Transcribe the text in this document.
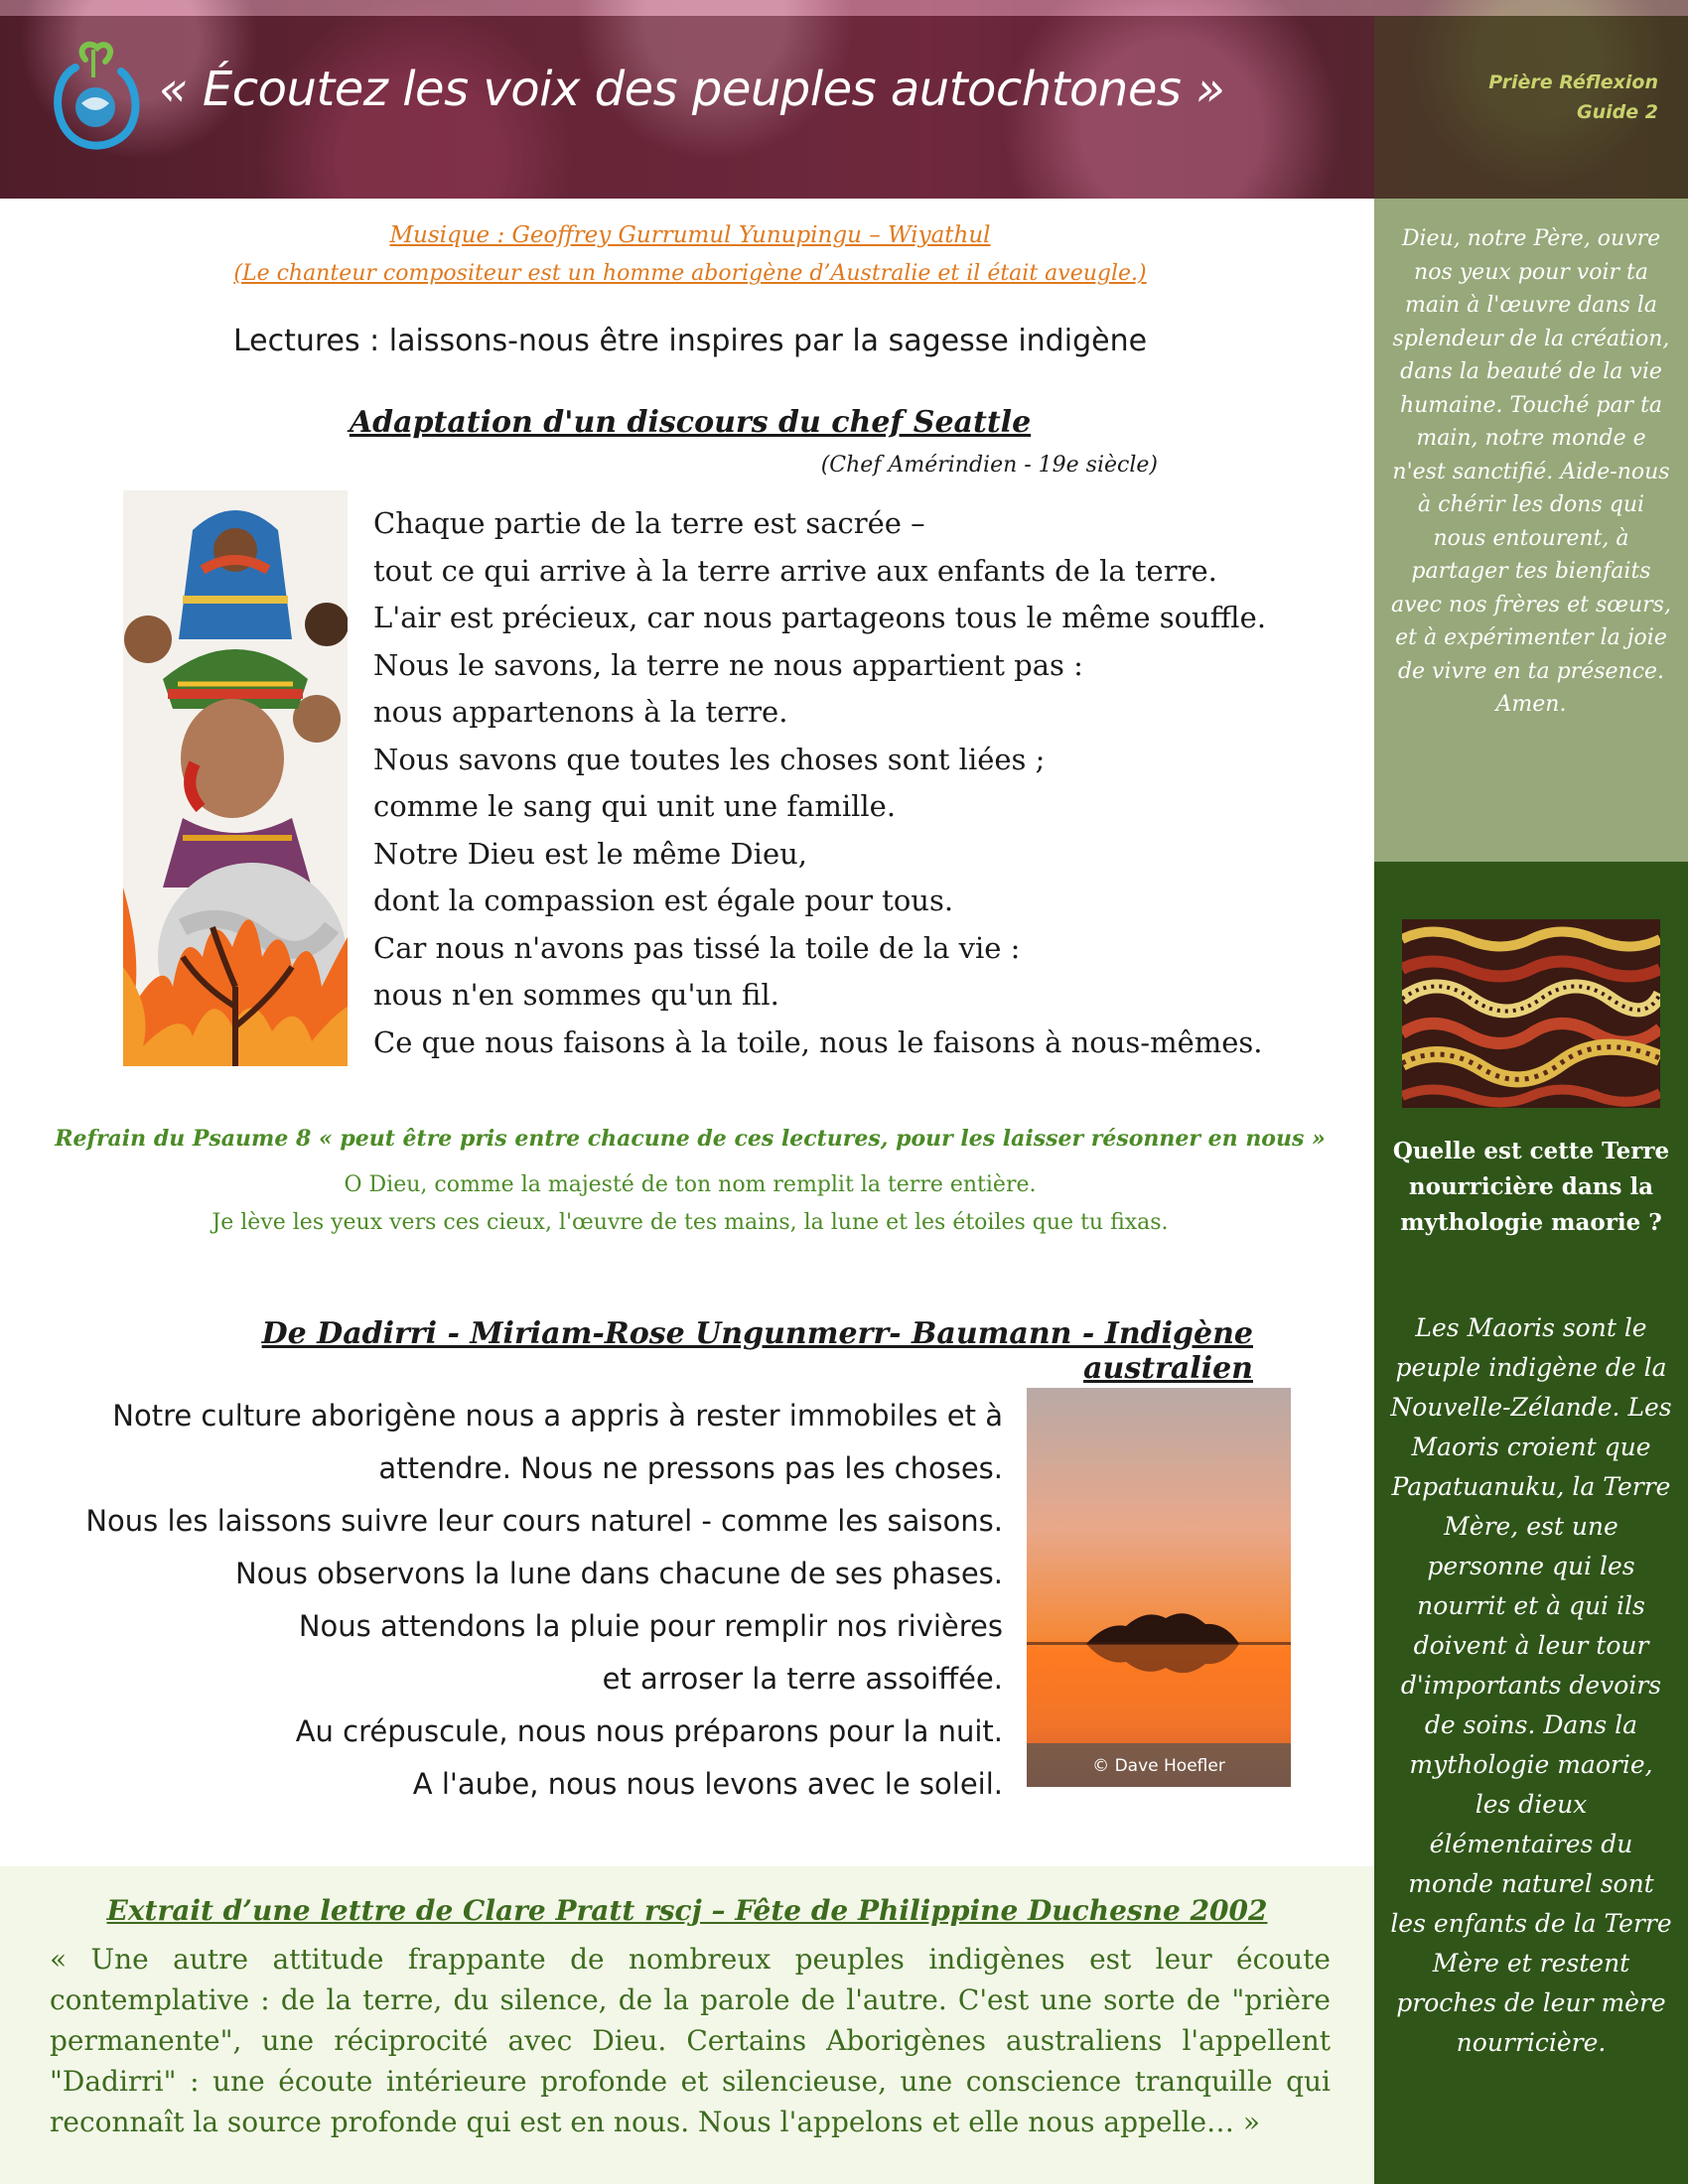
« Écoutez les voix des peuples autochtones »	Prière Réflexion
Guide 2
Dieu, notre Père, ouvre nos yeux pour voir ta main à l'œuvre dans la splendeur de la création, dans la beauté de la vie humaine. Touché par ta main, notre monde e n'est sanctifié. Aide-nous à chérir les dons qui nous entourent, à partager tes bienfaits avec nos frères et sœurs, et à expérimenter la joie de vivre en ta présence. Amen.
Quelle est cette Terre nourricière dans la mythologie maorie ?
Les Maoris sont le peuple indigène de la Nouvelle-Zélande. Les Maoris croient que Papatuanuku, la Terre Mère, est une personne qui les nourrit et à qui ils doivent à leur tour d'importants devoirs de soins. Dans la mythologie maorie, les dieux élémentaires du monde naturel sont les enfants de la Terre Mère et restent proches de leur mère nourricière.
Musique : Geoffrey Gurrumul Yunupingu – Wiyathul
(Le chanteur compositeur est un homme aborigène d’Australie et il était aveugle.)
Lectures : laissons-nous être inspires par la sagesse indigène
Adaptation d'un discours du chef Seattle
(Chef Amérindien - 19e siècle)
Chaque partie de la terre est sacrée –
tout ce qui arrive à la terre arrive aux enfants de la terre.
L'air est précieux, car nous partageons tous le même souffle.
Nous le savons, la terre ne nous appartient pas :
nous appartenons à la terre.
Nous savons que toutes les choses sont liées ;
comme le sang qui unit une famille.
Notre Dieu est le même Dieu,
dont la compassion est égale pour tous.
Car nous n'avons pas tissé la toile de la vie :
nous n'en sommes qu'un fil.
Ce que nous faisons à la toile, nous le faisons à nous-mêmes.
Refrain du Psaume 8 « peut être pris entre chacune de ces lectures, pour les laisser résonner en nous »
O Dieu, comme la majesté de ton nom remplit la terre entière.
Je lève les yeux vers ces cieux, l'œuvre de tes mains, la lune et les étoiles que tu fixas.
De Dadirri - Miriam-Rose Ungunmerr- Baumann - Indigène australien
Notre culture aborigène nous a appris à rester immobiles et à
attendre. Nous ne pressons pas les choses.
Nous les laissons suivre leur cours naturel - comme les saisons.
Nous observons la lune dans chacune de ses phases.
Nous attendons la pluie pour remplir nos rivières
et arroser la terre assoiffée.
Au crépuscule, nous nous préparons pour la nuit.
A l'aube, nous nous levons avec le soleil.
© Dave Hoefler
Extrait d’une lettre de Clare Pratt rscj – Fête de Philippine Duchesne 2002
« Une autre attitude frappante de nombreux peuples indigènes est leur écoute contemplative : de la terre, du silence, de la parole de l'autre. C'est une sorte de "prière permanente", une réciprocité avec Dieu. Certains Aborigènes australiens l'appellent "Dadirri" : une écoute intérieure profonde et silencieuse, une conscience tranquille qui reconnaît la source profonde qui est en nous. Nous l'appelons et elle nous appelle… »
